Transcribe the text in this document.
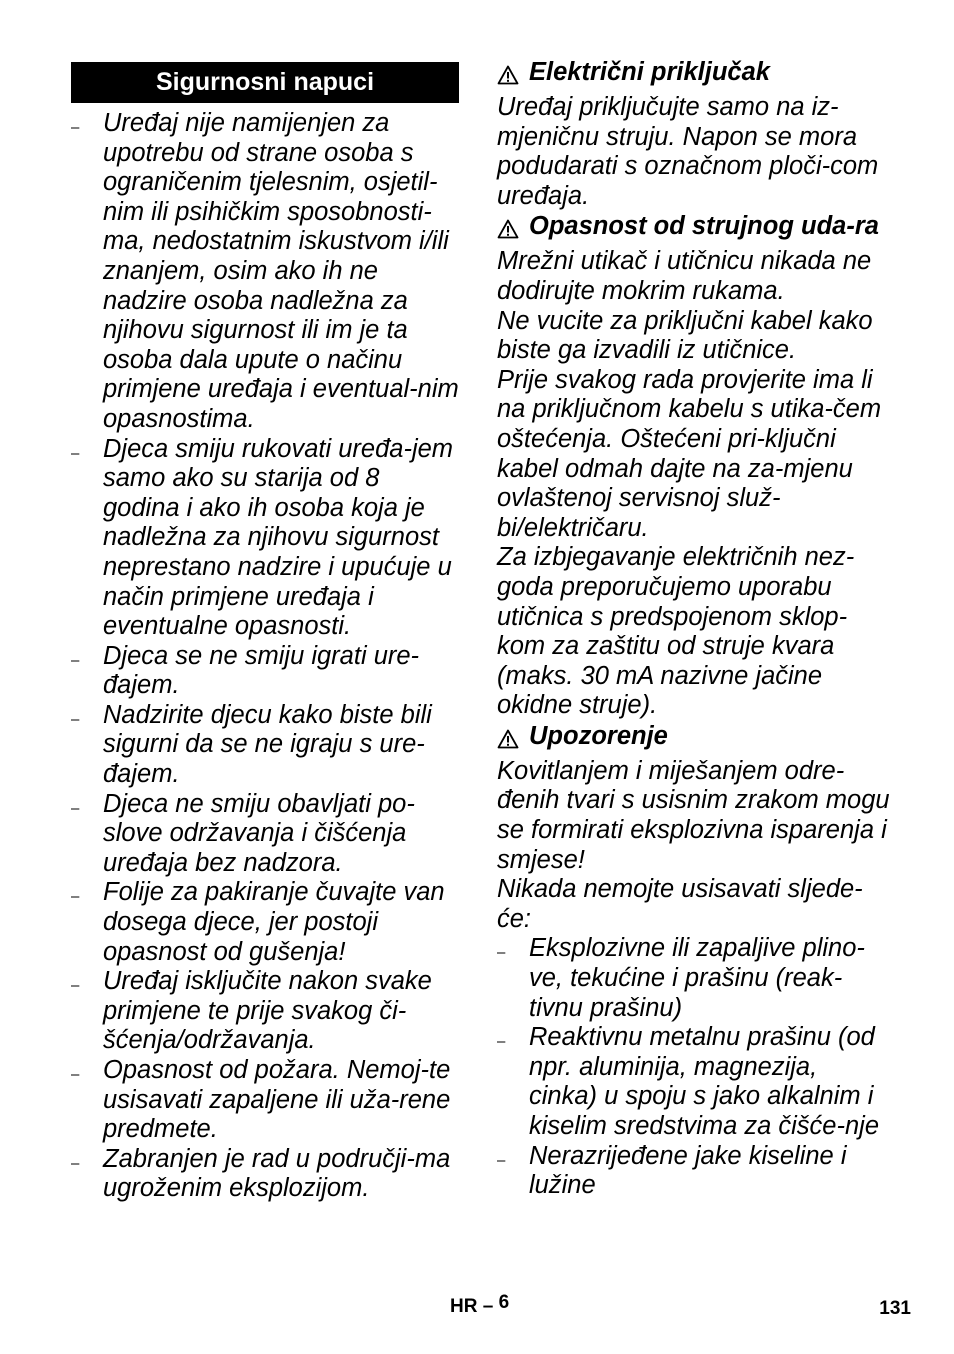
Sigurnosni napuci
– Uređaj nije namijenjen za upotrebu od strane osoba s ograničenim tjelesnim, osjetil-nim ili psihičkim sposobnosti-ma, nedostatnim iskustvom i/ili znanjem, osim ako ih ne nadzire osoba nadležna za njihovu sigurnost ili im je ta osoba dala upute o načinu primjene uređaja i eventual-nim opasnostima.
– Djeca smiju rukovati uređa-jem samo ako su starija od 8 godina i ako ih osoba koja je nadležna za njihovu sigurnost neprestano nadzire i upućuje u način primjene uređaja i eventualne opasnosti.
– Djeca se ne smiju igrati ure-đajem.
– Nadzirite djecu kako biste bili sigurni da se ne igraju s ure-đajem.
– Djeca ne smiju obavljati po-slove održavanja i čišćenja uređaja bez nadzora.
– Folije za pakiranje čuvajte van dosega djece, jer postoji opasnost od gušenja!
– Uređaj isključite nakon svake primjene te prije svakog či-šćenja/održavanja.
– Opasnost od požara. Nemoj-te usisavati zapaljene ili uža-rene predmete.
– Zabranjen je rad u područji-ma ugroženim eksplozijom.
Električni priključak
Uređaj priključujte samo na iz-mjeničnu struju. Napon se mora podudarati s označnom ploči-com uređaja.
Opasnost od strujnog uda-ra
Mrežni utikač i utičnicu nikada ne dodirujte mokrim rukama.
Ne vucite za priključni kabel kako biste ga izvadili iz utičnice.
Prije svakog rada provjerite ima li na priključnom kabelu s utika-čem oštećenja. Oštećeni pri-ključni kabel odmah dajte na za-mjenu ovlaštenoj servisnoj služ-bi/električaru.
Za izbjegavanje električnih nez-goda preporučujemo uporabu utičnica s predspojenom sklop-kom za zaštitu od struje kvara (maks. 30 mA nazivne jačine okidne struje).
Upozorenje
Kovitlanjem i miješanjem odre-đenih tvari s usisnim zrakom mogu se formirati eksplozivna isparenja i smjese!
Nikada nemojte usisavati sljede-će:
– Eksplozivne ili zapaljive plino-ve, tekućine i prašinu (reak-tivnu prašinu)
– Reaktivnu metalnu prašinu (od npr. aluminija, magnezija, cinka) u spoju s jako alkalnim i kiselim sredstvima za čišće-nje
– Nerazrijeđene jake kiseline i lužine
HR – 6	131
